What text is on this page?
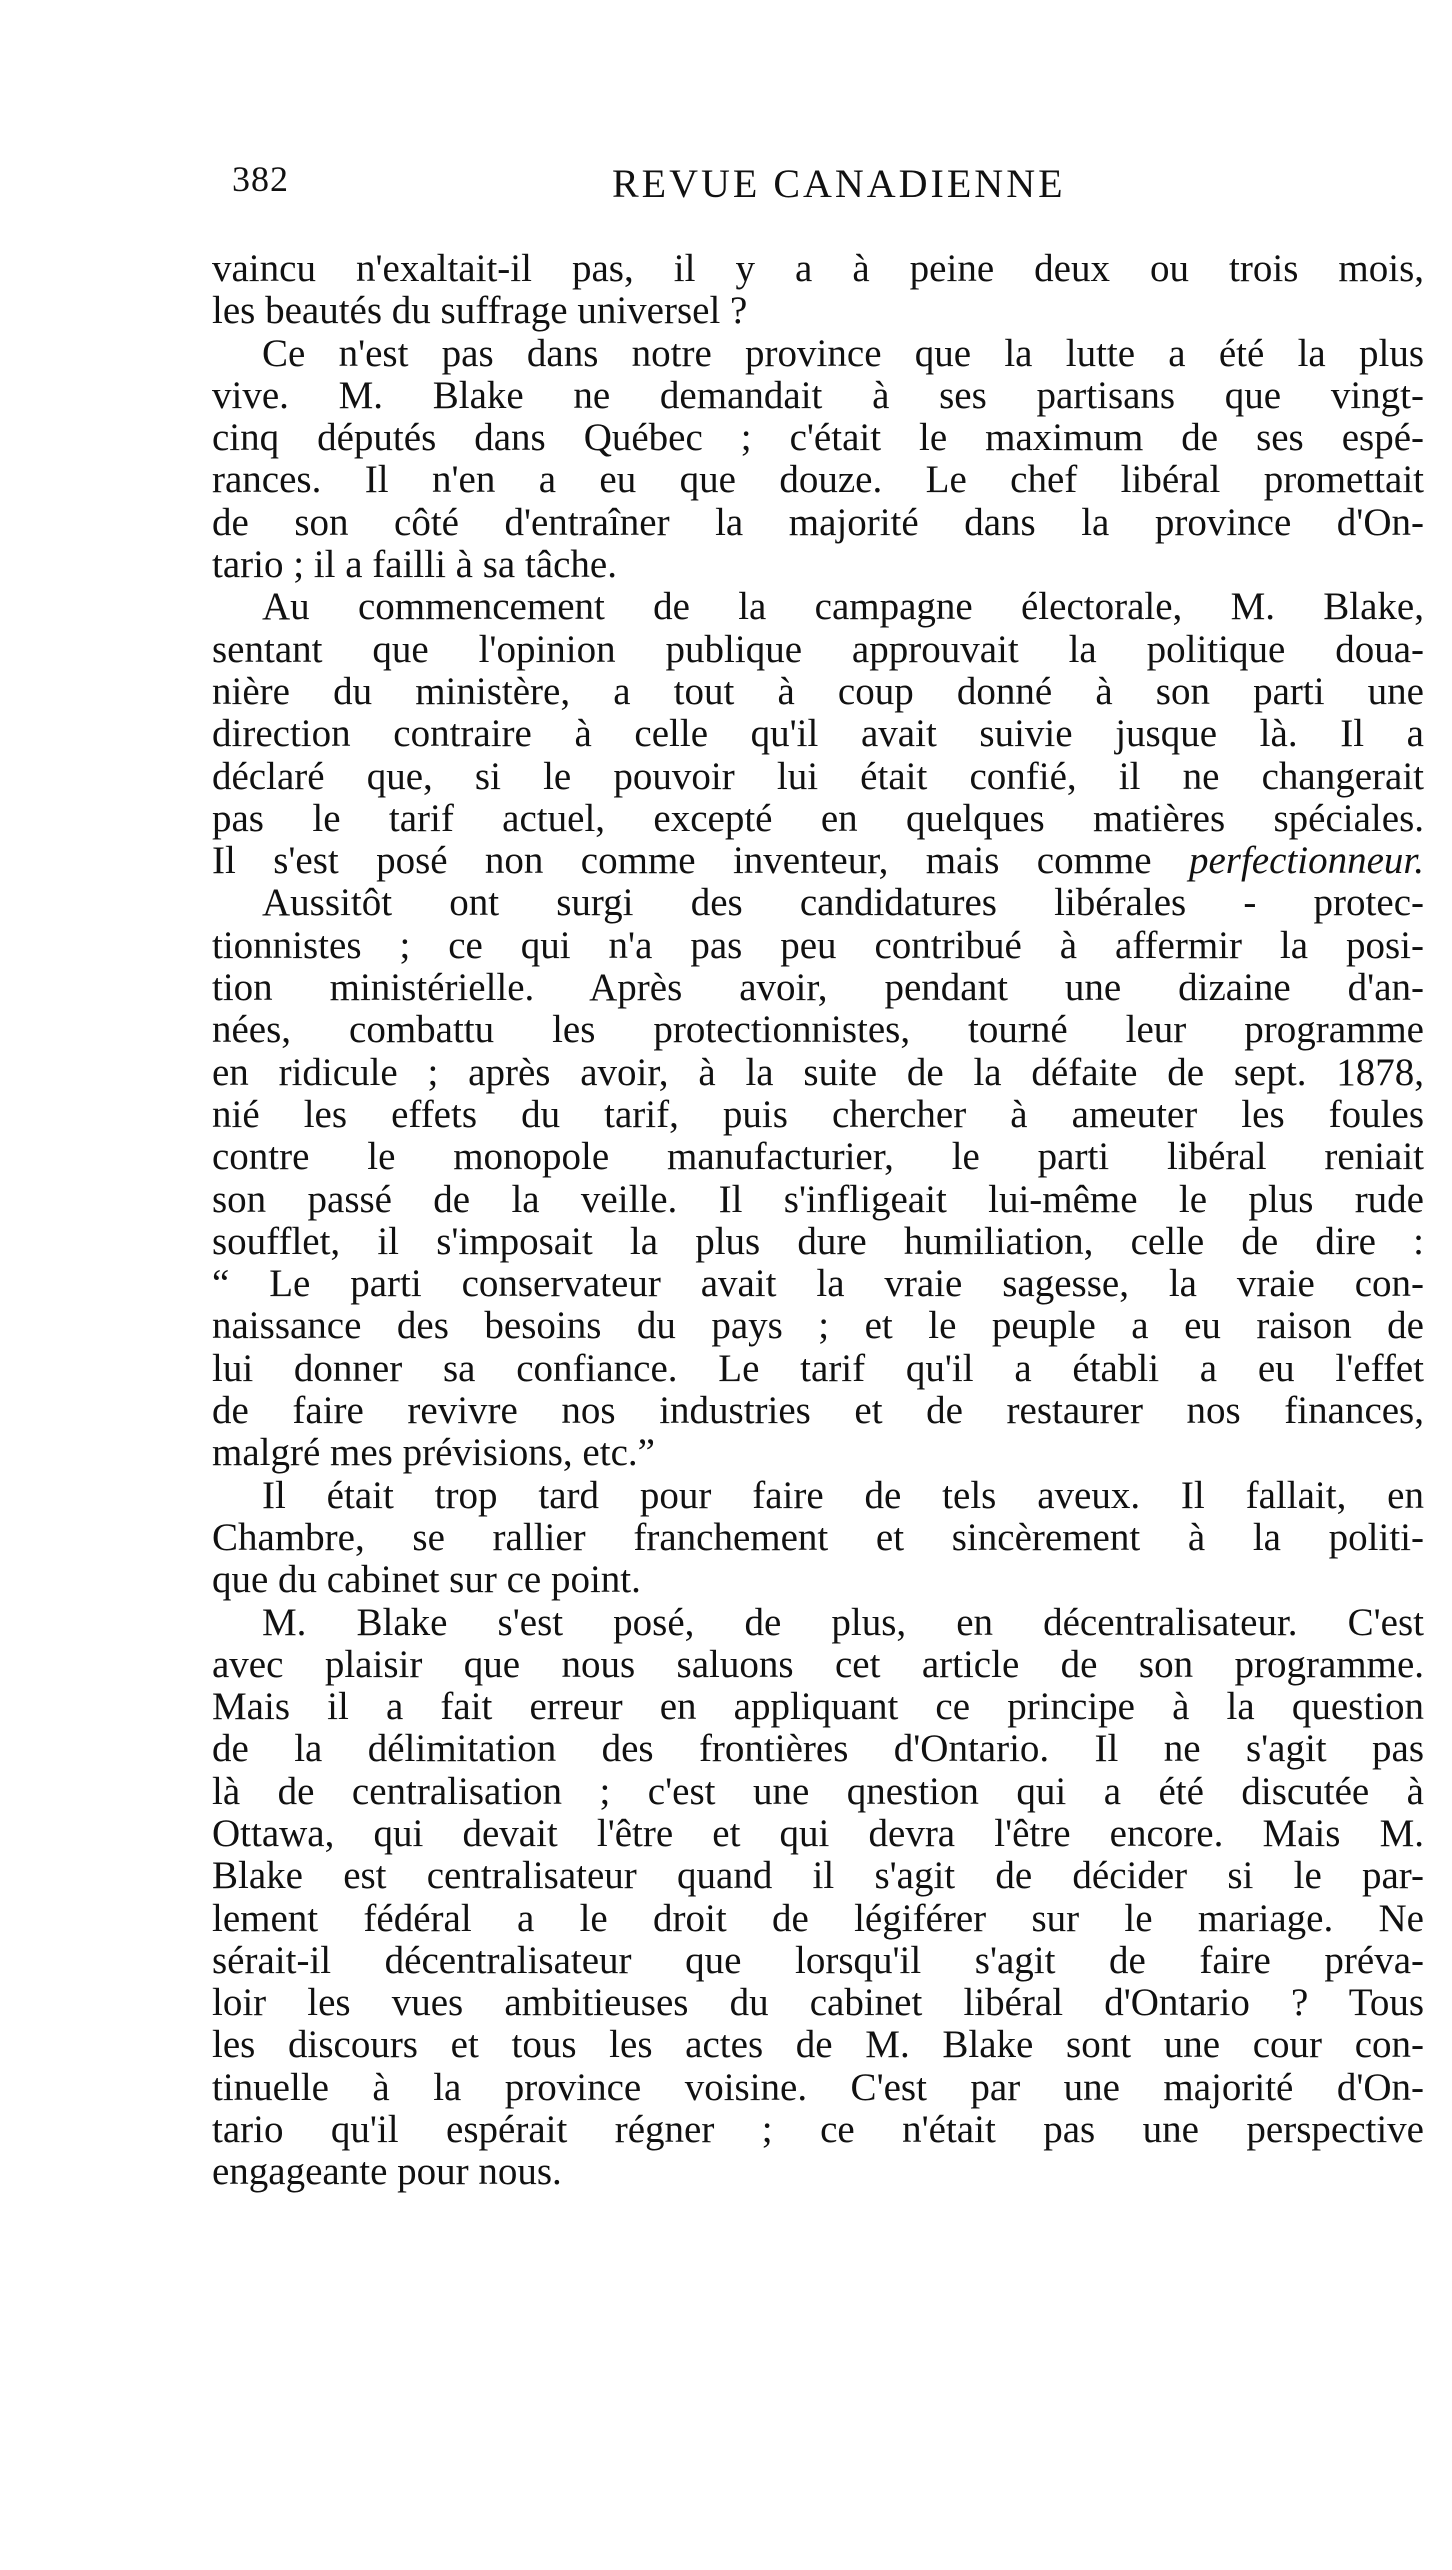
382	REVUE CANADIENNE
vaincu n'exaltait-il pas, il y a à peine deux ou trois mois,
les beautés du suffrage universel ?
Ce n'est pas dans notre province que la lutte a été la plus
vive. M. Blake ne demandait à ses partisans que vingt-
cinq députés dans Québec ; c'était le maximum de ses espé-
rances. Il n'en a eu que douze. Le chef libéral promettait
de son côté d'entraîner la majorité dans la province d'On-
tario ; il a failli à sa tâche.
Au commencement de la campagne électorale, M. Blake,
sentant que l'opinion publique approuvait la politique doua-
nière du ministère, a tout à coup donné à son parti une
direction contraire à celle qu'il avait suivie jusque là. Il a
déclaré que, si le pouvoir lui était confié, il ne changerait
pas le tarif actuel, excepté en quelques matières spéciales.
Il s'est posé non comme inventeur, mais comme perfectionneur.
Aussitôt ont surgi des candidatures libérales - protec-
tionnistes ; ce qui n'a pas peu contribué à affermir la posi-
tion ministérielle. Après avoir, pendant une dizaine d'an-
nées, combattu les protectionnistes, tourné leur programme
en ridicule ; après avoir, à la suite de la défaite de sept. 1878,
nié les effets du tarif, puis chercher à ameuter les foules
contre le monopole manufacturier, le parti libéral reniait
son passé de la veille. Il s'infligeait lui-même le plus rude
soufflet, il s'imposait la plus dure humiliation, celle de dire :
“ Le parti conservateur avait la vraie sagesse, la vraie con-
naissance des besoins du pays ; et le peuple a eu raison de
lui donner sa confiance. Le tarif qu'il a établi a eu l'effet
de faire revivre nos industries et de restaurer nos finances,
malgré mes prévisions, etc.”
Il était trop tard pour faire de tels aveux. Il fallait, en
Chambre, se rallier franchement et sincèrement à la politi-
que du cabinet sur ce point.
M. Blake s'est posé, de plus, en décentralisateur. C'est
avec plaisir que nous saluons cet article de son programme.
Mais il a fait erreur en appliquant ce principe à la question
de la délimitation des frontières d'Ontario. Il ne s'agit pas
là de centralisation ; c'est une qnestion qui a été discutée à
Ottawa, qui devait l'être et qui devra l'être encore. Mais M.
Blake est centralisateur quand il s'agit de décider si le par-
lement fédéral a le droit de légiférer sur le mariage. Ne
sérait-il décentralisateur que lorsqu'il s'agit de faire préva-
loir les vues ambitieuses du cabinet libéral d'Ontario ? Tous
les discours et tous les actes de M. Blake sont une cour con-
tinuelle à la province voisine. C'est par une majorité d'On-
tario qu'il espérait régner ; ce n'était pas une perspective
engageante pour nous.
